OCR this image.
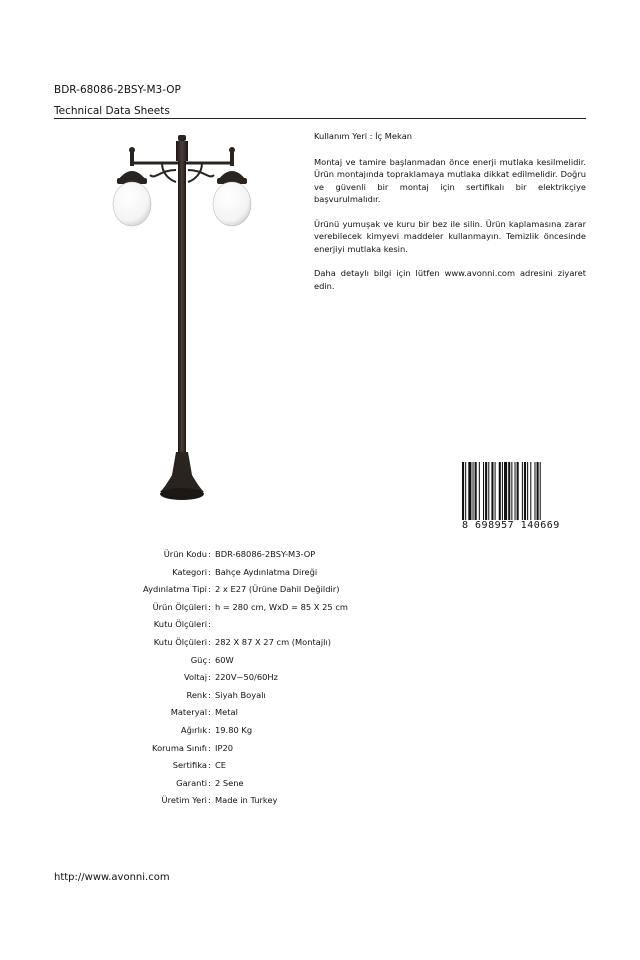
BDR-68086-2BSY-M3-OP
Technical Data Sheets

Kullanım Yeri : İç Mekan

Montaj ve tamire başlanmadan önce enerji mutlaka kesilmelidir. Ürün montajında topraklamaya mutlaka dikkat edilmelidir. Doğru ve güvenli bir montaj için sertifikalı bir elektrikçiye başvurulmalıdır.

Ürünü yumuşak ve kuru bir bez ile silin. Ürün kaplamasına zarar verebilecek kimyevi maddeler kullanmayın. Temizlik öncesinde enerjiyi mutlaka kesin.

Daha detaylı bilgi için lütfen www.avonni.com adresini ziyaret edin.

8 698957 140669
Ürün Kodu : BDR-68086-2BSY-M3-OP
Kategori : Bahçe Aydınlatma Direği
Aydınlatma Tipi : 2 x E27 (Ürüne Dahil Değildir)
Ürün Ölçüleri : h = 280 cm, WxD = 85 X 25 cm
Kutu Ölçüleri :
Kutu Ölçüleri : 282 X 87 X 27 cm (Montajlı)
Güç : 60W
Voltaj : 220V~50/60Hz
Renk : Siyah Boyalı
Materyal : Metal
Ağırlık : 19.80 Kg
Koruma Sınıfı : IP20
Sertifika : CE
Garanti : 2 Sene
Üretim Yeri : Made in Turkey
http://www.avonni.com
